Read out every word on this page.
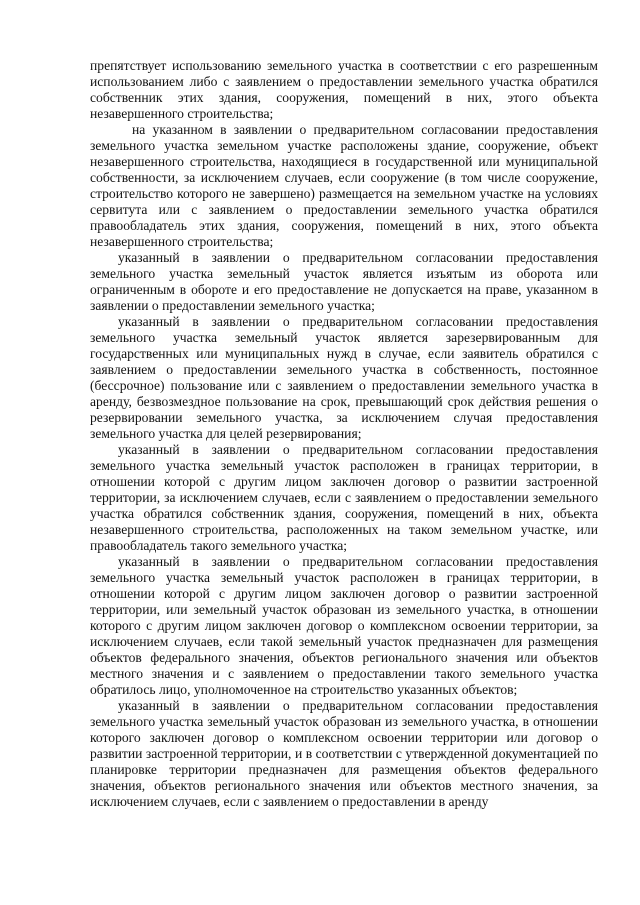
препятствует использованию земельного участка в соответствии с его разрешенным использованием либо с заявлением о предоставлении земельного участка обратился собственник этих здания, сооружения, помещений в них, этого объекта незавершенного строительства;

на указанном в заявлении о предварительном согласовании предоставления земельного участка земельном участке расположены здание, сооружение, объект незавершенного строительства, находящиеся в государственной или муниципальной собственности, за исключением случаев, если сооружение (в том числе сооружение, строительство которого не завершено) размещается на земельном участке на условиях сервитута или с заявлением о предоставлении земельного участка обратился правообладатель этих здания, сооружения, помещений в них, этого объекта незавершенного строительства;

указанный в заявлении о предварительном согласовании предоставления земельного участка земельный участок является изъятым из оборота или ограниченным в обороте и его предоставление не допускается на праве, указанном в заявлении о предоставлении земельного участка;

указанный в заявлении о предварительном согласовании предоставления земельного участка земельный участок является зарезервированным для государственных или муниципальных нужд в случае, если заявитель обратился с заявлением о предоставлении земельного участка в собственность, постоянное (бессрочное) пользование или с заявлением о предоставлении земельного участка в аренду, безвозмездное пользование на срок, превышающий срок действия решения о резервировании земельного участка, за исключением случая предоставления земельного участка для целей резервирования;

указанный в заявлении о предварительном согласовании предоставления земельного участка земельный участок расположен в границах территории, в отношении которой с другим лицом заключен договор о развитии застроенной территории, за исключением случаев, если с заявлением о предоставлении земельного участка обратился собственник здания, сооружения, помещений в них, объекта незавершенного строительства, расположенных на таком земельном участке, или правообладатель такого земельного участка;

указанный в заявлении о предварительном согласовании предоставления земельного участка земельный участок расположен в границах территории, в отношении которой с другим лицом заключен договор о развитии застроенной территории, или земельный участок образован из земельного участка, в отношении которого с другим лицом заключен договор о комплексном освоении территории, за исключением случаев, если такой земельный участок предназначен для размещения объектов федерального значения, объектов регионального значения или объектов местного значения и с заявлением о предоставлении такого земельного участка обратилось лицо, уполномоченное на строительство указанных объектов;

указанный в заявлении о предварительном согласовании предоставления земельного участка земельный участок образован из земельного участка, в отношении которого заключен договор о комплексном освоении территории или договор о развитии застроенной территории, и в соответствии с утвержденной документацией по планировке территории предназначен для размещения объектов федерального значения, объектов регионального значения или объектов местного значения, за исключением случаев, если с заявлением о предоставлении в аренду
